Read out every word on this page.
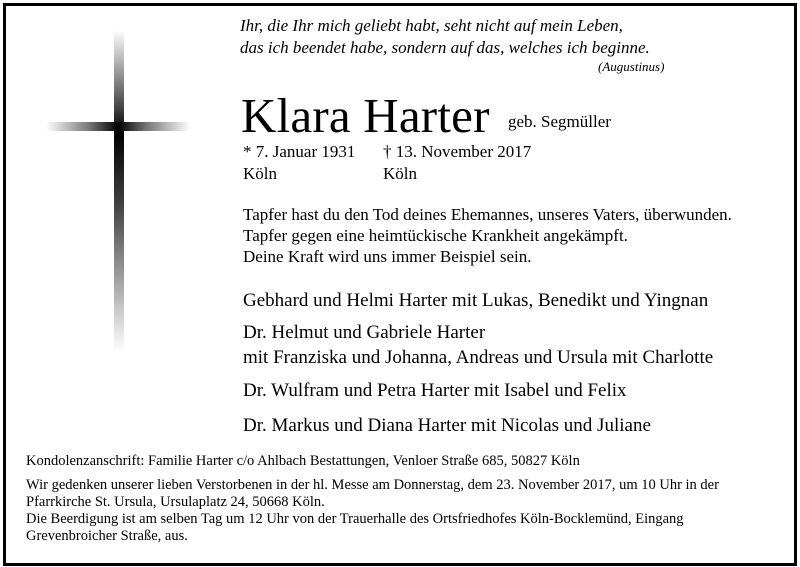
Ihr, die Ihr mich geliebt habt, seht nicht auf mein Leben,
das ich beendet habe, sondern auf das, welches ich beginne.
(Augustinus)
Klara Harter geb. Segmüller
* 7. Januar 1931
Köln
† 13. November 2017
Köln
Tapfer hast du den Tod deines Ehemannes, unseres Vaters, überwunden.
Tapfer gegen eine heimtückische Krankheit angekämpft.
Deine Kraft wird uns immer Beispiel sein.
Gebhard und Helmi Harter mit Lukas, Benedikt und Yingnan
Dr. Helmut und Gabriele Harter
mit Franziska und Johanna, Andreas und Ursula mit Charlotte
Dr. Wulfram und Petra Harter mit Isabel und Felix
Dr. Markus und Diana Harter mit Nicolas und Juliane

Kondolenzanschrift: Familie Harter c/o Ahlbach Bestattungen, Venloer Straße 685, 50827 Köln

Wir gedenken unserer lieben Verstorbenen in der hl. Messe am Donnerstag, dem 23. November 2017, um 10 Uhr in der Pfarrkirche St. Ursula, Ursulaplatz 24, 50668 Köln.

Die Beerdigung ist am selben Tag um 12 Uhr von der Trauerhalle des Ortsfriedhofes Köln-Bocklemünd, Eingang Grevenbroicher Straße, aus.
